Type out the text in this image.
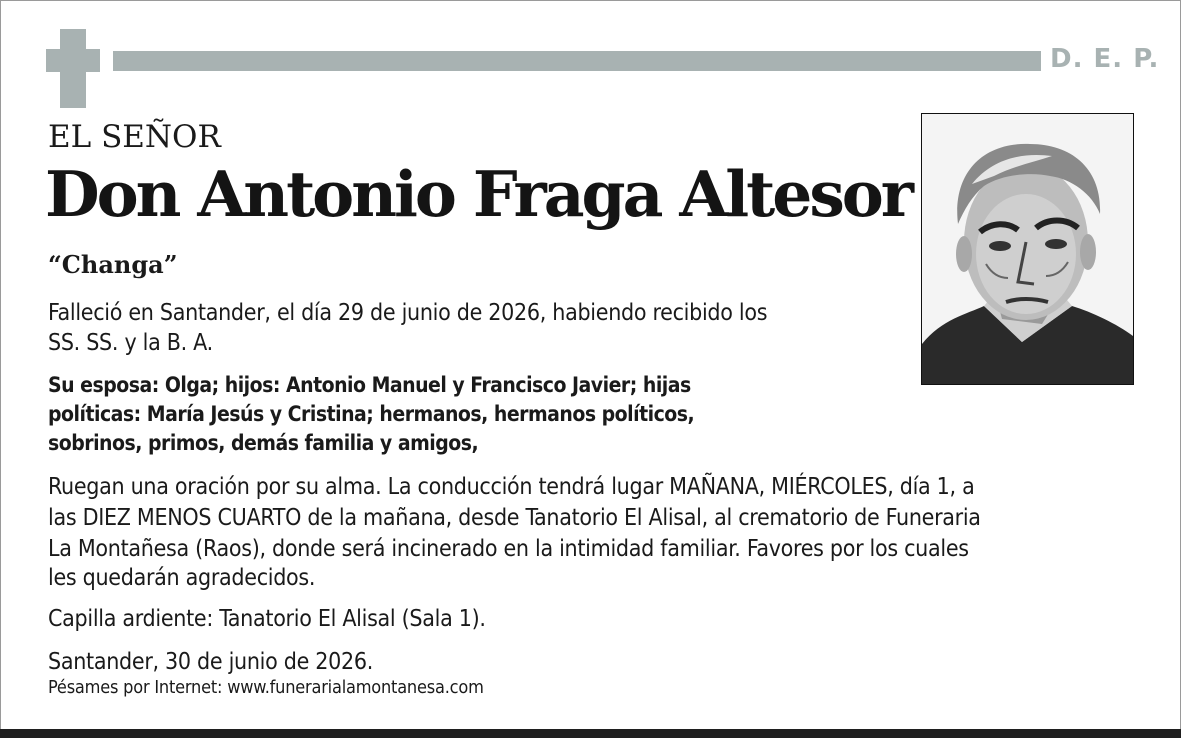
D. E. P.
EL SEÑOR
Don Antonio Fraga Altesor
“Changa”
Falleció en Santander, el día 29 de junio de 2026, habiendo recibido los
SS. SS. y la B. A.
Su esposa: Olga; hijos: Antonio Manuel y Francisco Javier; hijas
políticas: María Jesús y Cristina; hermanos, hermanos políticos,
sobrinos, primos, demás familia y amigos,
Ruegan una oración por su alma. La conducción tendrá lugar MAÑANA, MIÉRCOLES, día 1, a
las DIEZ MENOS CUARTO de la mañana, desde Tanatorio El Alisal, al crematorio de Funeraria
La Montañesa (Raos), donde será incinerado en la intimidad familiar. Favores por los cuales
les quedarán agradecidos.
Capilla ardiente: Tanatorio El Alisal (Sala 1).
Santander, 30 de junio de 2026.
Pésames por Internet: www.funerarialamontanesa.com
